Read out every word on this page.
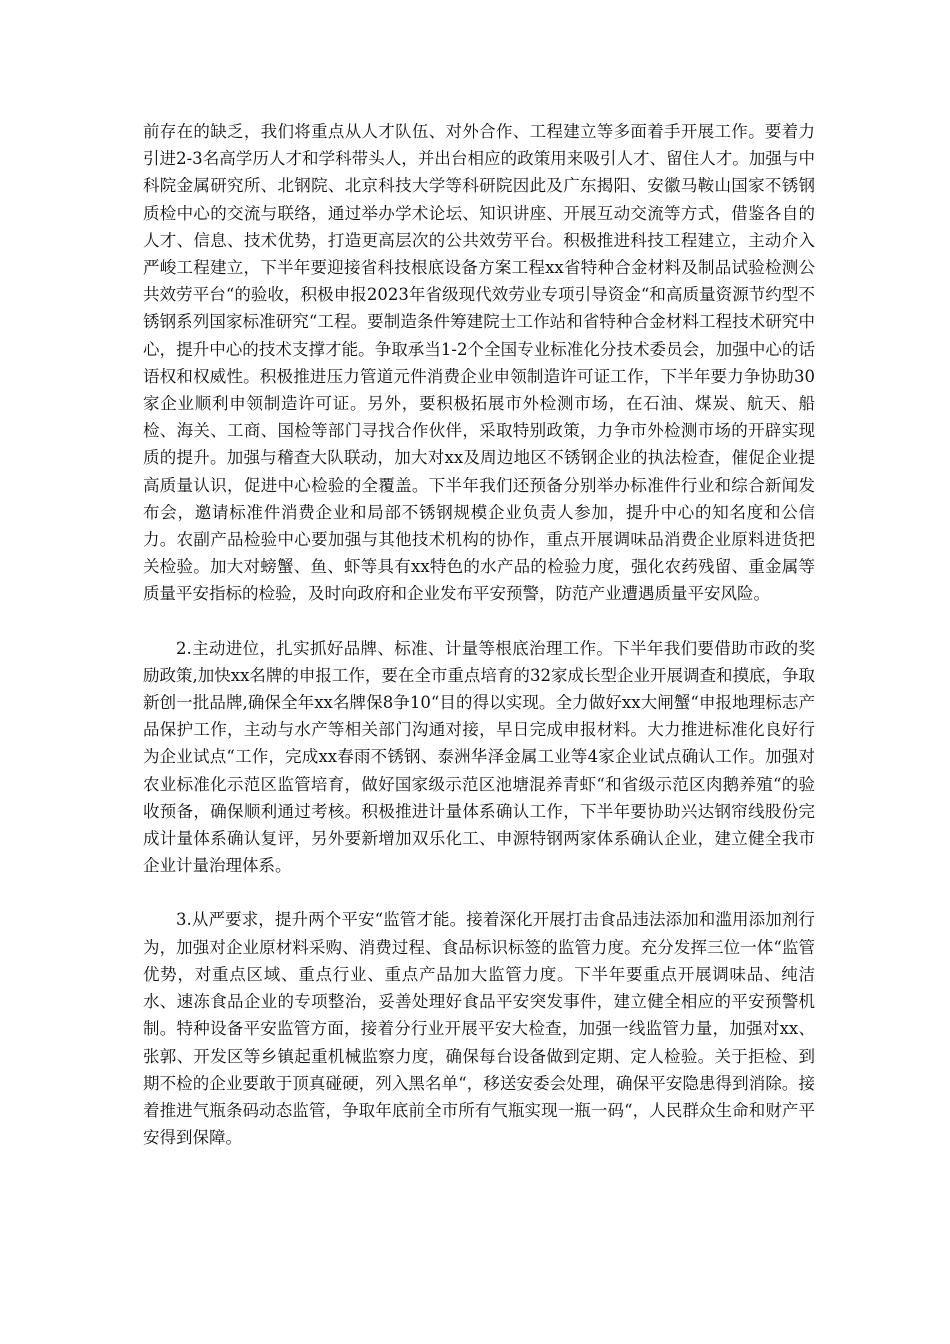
前存在的缺乏，我们将重点从人才队伍、对外合作、工程建立等多面着手开展工作。要着力引进2-3名高学历人才和学科带头人，并出台相应的政策用来吸引人才、留住人才。加强与中科院金属研究所、北钢院、北京科技大学等科研院因此及广东揭阳、安徽马鞍山国家不锈钢质检中心的交流与联络，通过举办学术论坛、知识讲座、开展互动交流等方式，借鉴各自的人才、信息、技术优势，打造更高层次的公共效劳平台。积极推进科技工程建立，主动介入严峻工程建立，下半年要迎接省科技根底设备方案工程xx省特种合金材料及制品试验检测公共效劳平台“的验收，积极申报2023年省级现代效劳业专项引导资金“和高质量资源节约型不锈钢系列国家标准研究“工程。要制造条件筹建院士工作站和省特种合金材料工程技术研究中心，提升中心的技术支撑才能。争取承当1-2个全国专业标准化分技术委员会，加强中心的话语权和权威性。积极推进压力管道元件消费企业申领制造许可证工作，下半年要力争协助30家企业顺利申领制造许可证。另外，要积极拓展市外检测市场，在石油、煤炭、航天、船检、海关、工商、国检等部门寻找合作伙伴，采取特别政策，力争市外检测市场的开辟实现质的提升。加强与稽查大队联动，加大对xx及周边地区不锈钢企业的执法检查，催促企业提高质量认识，促进中心检验的全覆盖。下半年我们还预备分别举办标准件行业和综合新闻发布会，邀请标准件消费企业和局部不锈钢规模企业负责人参加，提升中心的知名度和公信力。农副产品检验中心要加强与其他技术机构的协作，重点开展调味品消费企业原料进货把关检验。加大对螃蟹、鱼、虾等具有xx特色的水产品的检验力度，强化农药残留、重金属等质量平安指标的检验，及时向政府和企业发布平安预警，防范产业遭遇质量平安风险。

2.主动进位，扎实抓好品牌、标准、计量等根底治理工作。下半年我们要借助市政的奖励政策,加快xx名牌的申报工作，要在全市重点培育的32家成长型企业开展调查和摸底，争取新创一批品牌,确保全年xx名牌保8争10“目的得以实现。全力做好xx大闸蟹“申报地理标志产品保护工作，主动与水产等相关部门沟通对接，早日完成申报材料。大力推进标准化良好行为企业试点“工作，完成xx春雨不锈钢、泰洲华泽金属工业等4家企业试点确认工作。加强对农业标准化示范区监管培育，做好国家级示范区池塘混养青虾“和省级示范区肉鹅养殖“的验收预备，确保顺利通过考核。积极推进计量体系确认工作，下半年要协助兴达钢帘线股份完成计量体系确认复评，另外要新增加双乐化工、申源特钢两家体系确认企业，建立健全我市企业计量治理体系。

3.从严要求，提升两个平安“监管才能。接着深化开展打击食品违法添加和滥用添加剂行为，加强对企业原材料采购、消费过程、食品标识标签的监管力度。充分发挥三位一体“监管优势，对重点区域、重点行业、重点产品加大监管力度。下半年要重点开展调味品、纯洁水、速冻食品企业的专项整治，妥善处理好食品平安突发事件，建立健全相应的平安预警机制。特种设备平安监管方面，接着分行业开展平安大检查，加强一线监管力量，加强对xx、张郭、开发区等乡镇起重机械监察力度，确保每台设备做到定期、定人检验。关于拒检、到期不检的企业要敢于顶真碰硬，列入黑名单“，移送安委会处理，确保平安隐患得到消除。接着推进气瓶条码动态监管，争取年底前全市所有气瓶实现一瓶一码“，人民群众生命和财产平安得到保障。
